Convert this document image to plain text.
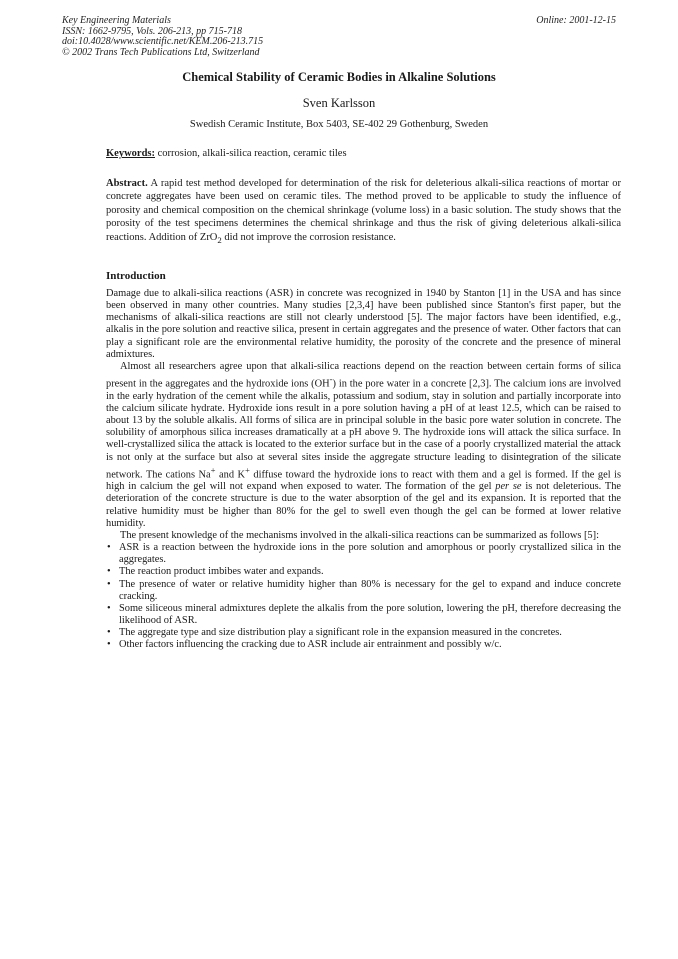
Key Engineering Materials
ISSN: 1662-9795, Vols. 206-213, pp 715-718
doi:10.4028/www.scientific.net/KEM.206-213.715
© 2002 Trans Tech Publications Ltd, Switzerland
Online: 2001-12-15
Chemical Stability of Ceramic Bodies in Alkaline Solutions
Sven Karlsson
Swedish Ceramic Institute, Box 5403, SE-402 29 Gothenburg, Sweden
Keywords: corrosion, alkali-silica reaction, ceramic tiles
Abstract. A rapid test method developed for determination of the risk for deleterious alkali-silica reactions of mortar or concrete aggregates have been used on ceramic tiles. The method proved to be applicable to study the influence of porosity and chemical composition on the chemical shrinkage (volume loss) in a basic solution. The study shows that the porosity of the test specimens determines the chemical shrinkage and thus the risk of giving deleterious alkali-silica reactions. Addition of ZrO$_2$ did not improve the corrosion resistance.
Introduction

Damage due to alkali-silica reactions (ASR) in concrete was recognized in 1940 by Stanton [1] in the USA and has since been observed in many other countries. Many studies [2,3,4] have been published since Stanton's first paper, but the mechanisms of alkali-silica reactions are still not clearly understood [5]. The major factors have been identified, e.g., alkalis in the pore solution and reactive silica, present in certain aggregates and the presence of water. Other factors that can play a significant role are the environmental relative humidity, the porosity of the concrete and the presence of mineral admixtures.

Almost all researchers agree upon that alkali-silica reactions depend on the reaction between certain forms of silica present in the aggregates and the hydroxide ions (OH-) in the pore water in a concrete [2,3]. The calcium ions are involved in the early hydration of the cement while the alkalis, potassium and sodium, stay in solution and partially incorporate into the calcium silicate hydrate. Hydroxide ions result in a pore solution having a pH of at least 12.5, which can be raised to about 13 by the soluble alkalis. All forms of silica are in principal soluble in the basic pore water solution in concrete. The solubility of amorphous silica increases dramatically at a pH above 9. The hydroxide ions will attack the silica surface. In well-crystallized silica the attack is located to the exterior surface but in the case of a poorly crystallized material the attack is not only at the surface but also at several sites inside the aggregate structure leading to disintegration of the silicate network. The cations Na+ and K+ diffuse toward the hydroxide ions to react with them and a gel is formed. If the gel is high in calcium the gel will not expand when exposed to water. The formation of the gel per se is not deleterious. The deterioration of the concrete structure is due to the water absorption of the gel and its expansion. It is reported that the relative humidity must be higher than 80% for the gel to swell even though the gel can be formed at lower relative humidity.

The present knowledge of the mechanisms involved in the alkali-silica reactions can be summarized as follows [5]:

• ASR is a reaction between the hydroxide ions in the pore solution and amorphous or poorly crystallized silica in the aggregates.
• The reaction product imbibes water and expands.
• The presence of water or relative humidity higher than 80% is necessary for the gel to expand and induce concrete cracking.
• Some siliceous mineral admixtures deplete the alkalis from the pore solution, lowering the pH, therefore decreasing the likelihood of ASR.
• The aggregate type and size distribution play a significant role in the expansion measured in the concretes.
• Other factors influencing the cracking due to ASR include air entrainment and possibly w/c.
